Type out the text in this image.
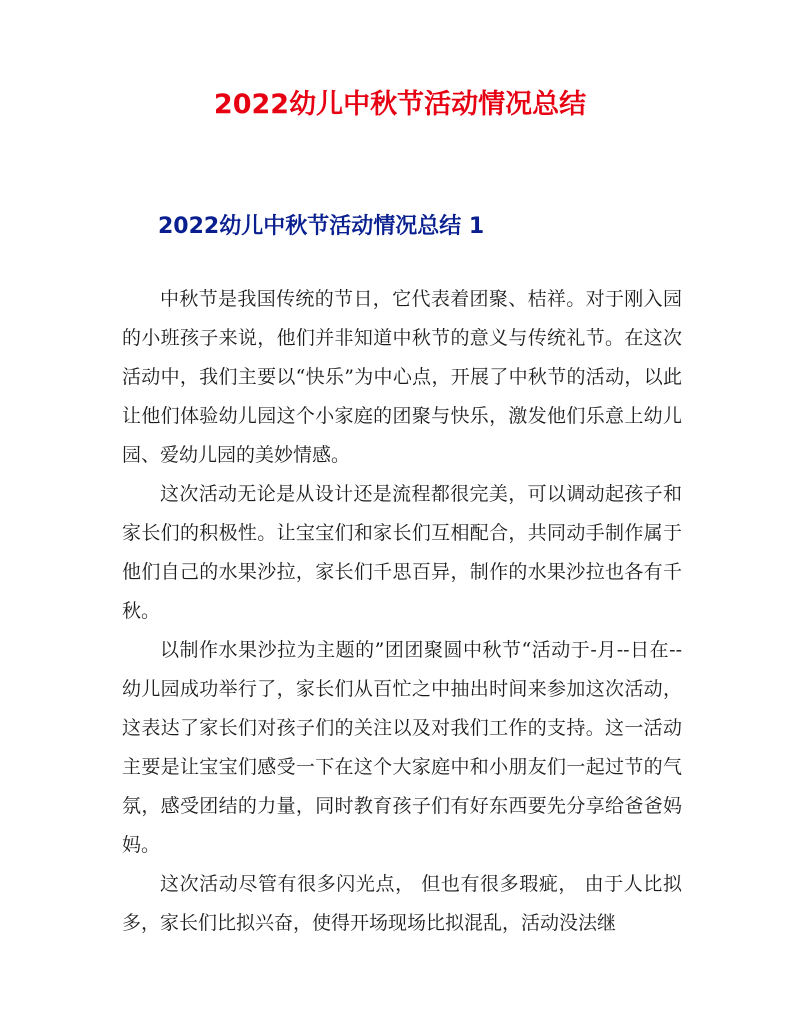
2022幼儿中秋节活动情况总结
2022幼儿中秋节活动情况总结 1

中秋节是我国传统的节日，它代表着团聚、桔祥。对于刚入园的小班孩子来说，他们并非知道中秋节的意义与传统礼节。在这次活动中，我们主要以“快乐”为中心点，开展了中秋节的活动，以此让他们体验幼儿园这个小家庭的团聚与快乐，激发他们乐意上幼儿园、爱幼儿园的美妙情感。

这次活动无论是从设计还是流程都很完美，可以调动起孩子和家长们的积极性。让宝宝们和家长们互相配合，共同动手制作属于他们自己的水果沙拉，家长们千思百异，制作的水果沙拉也各有千秋。

以制作水果沙拉为主题的”团团聚圆中秋节“活动于-月--日在--幼儿园成功举行了，家长们从百忙之中抽出时间来参加这次活动，这表达了家长们对孩子们的关注以及对我们工作的支持。这一活动主要是让宝宝们感受一下在这个大家庭中和小朋友们一起过节的气氛，感受团结的力量，同时教育孩子们有好东西要先分享给爸爸妈妈。

这次活动尽管有很多闪光点， 但也有很多瑕疵， 由于人比拟多，家长们比拟兴奋，使得开场现场比拟混乱，活动没法继
